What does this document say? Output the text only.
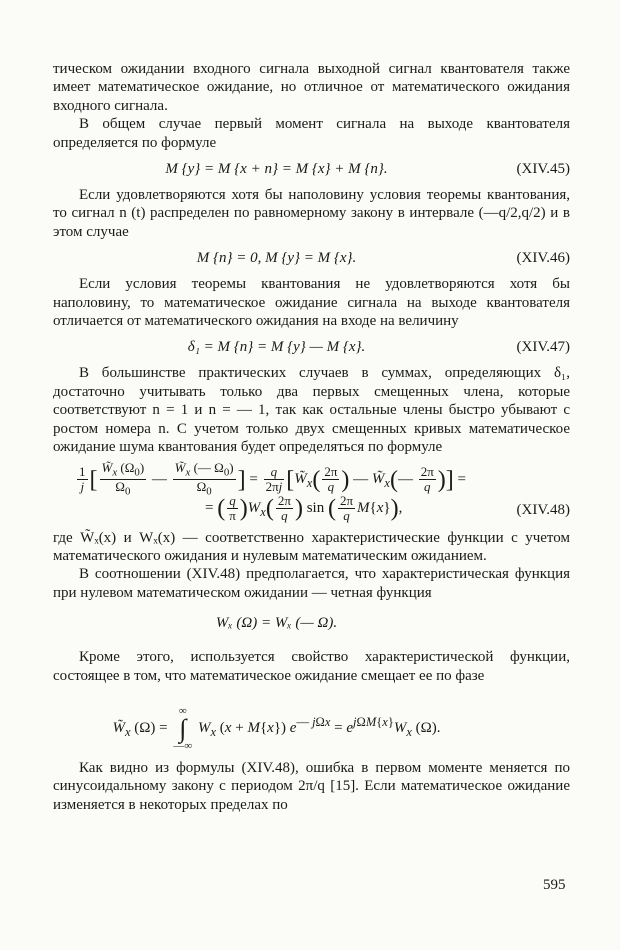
тическом ожидании входного сигнала выходной сигнал квантователя также имеет математическое ожидание, но отличное от математического ожидания входного сигнала.

В общем случае первый момент сигнала на выходе квантователя определяется по формуле

M {y} = M {x + n} = M {x} + M {n}.	(XIV.45)

Если удовлетворяются хотя бы наполовину условия теоремы квантования, то сигнал n (t) распределен по равномерному закону в интервале (—q/2,q/2) и в этом случае

M {n} = 0, M {y} = M {x}.	(XIV.46)

Если условия теоремы квантования не удовлетворяются хотя бы наполовину, то математическое ожидание сигнала на выходе квантователя отличается от математического ожидания на входе на величину

δ₁ = M {n} = M {y} — M {x}.	(XIV.47)

В большинстве практических случаев в суммах, определяющих δ₁, достаточно учитывать только два первых смещенных члена, которые соответствуют n = 1 и n = — 1, так как остальные члены быстро убывают с ростом номера n. С учетом только двух смещенных кривых математическое ожидание шума квантования будет определяться по формуле

$\frac{1}{j}$ [ $\frac{W̃_x (\Omega_0)}{\Omega_0}$ — $\frac{W̃_x (— \Omega_0)}{\Omega_0}$ ] = $\frac{q}{2\pi j}$ [$W̃_x( \frac{2\pi}{q}$ ) — $W̃_x(— \frac{2\pi}{q}$ )] =
= ( $\frac{q}{\pi} )W_x( \frac{2\pi}{q}$ ) sin ( $\frac{2\pi}{q} M\{x\}$),	(XIV.48)

где W̃ₓ(x) и Wₓ(x) — соответственно характеристические функции с учетом математического ожидания и нулевым математическим ожиданием.

В соотношении (XIV.48) предполагается, что характеристическая функция при нулевом математическом ожидании — четная функция

Wₓ (Ω) = Wₓ (— Ω).

Кроме этого, используется свойство характеристической функции, состоящее в том, что математическое ожидание смещает ее по фазе

$W̃_x$ (Ω) = ∞
∫
—∞ $W_x$ (x + M{x}) $e^{— j\Omega x} = e^{j\Omega M\{x\}}W_x$ (Ω).

Как видно из формулы (XIV.48), ошибка в первом моменте меняется по синусоидальному закону с периодом 2π/q [15]. Если математическое ожидание изменяется в некоторых пределах по

595
